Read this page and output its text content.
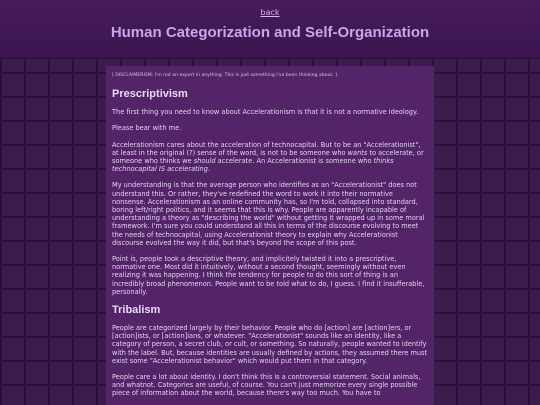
back
Human Categorization and Self-Organization

[ DISCLAIMERISM: I'm not an expert in anything. This is just something I've been thinking about. ]

Prescriptivism

The first thing you need to know about Accelerationism is that it is not a normative ideology.

Please bear with me.

Accelerationism cares about the acceleration of technocapital. But to be an "Accelerationist", at least in the original (?) sense of the word, is not to be someone who wants to accelerate, or someone who thinks we should accelerate. An Accelerationist is someone who thinks technocapital IS accelerating.

My understanding is that the average person who identifies as an "Accelerationist" does not understand this. Or rather, they've redefined the word to work it into their normative nonsense. Accelerationism as an online community has, so I'm told, collapsed into standard, boring left/right politics, and it seems that this is why. People are apparently incapable of understanding a theory as "describing the world" without getting it wrapped up in some moral framework. I'm sure you could understand all this in terms of the discourse evolving to meet the needs of technocapital, using Accelerationist theory to explain why Accelerationist discourse evolved the way it did, but that's beyond the scope of this post.

Point is, people took a descriptive theory, and implicitely twisted it into a prescriptive, normative one. Most did it intuitively, without a second thought, seemingly without even realizing it was happening. I think the tendency for people to do this sort of thing is an incredibly broad phenomenon. People want to be told what to do, I guess. I find it insufferable, personally.

Tribalism

People are categorized largely by their behavior. People who do [action] are [action]ers, or [action]ists, or [action]ians, or whatever. "Accelerationist" sounds like an identity, like a category of person, a secret club, or cult, or something. So naturally, people wanted to identify with the label. But, because identities are usually defined by actions, they assumed there must exist some "Accelerationist behavior" which would put them in that category.

People care a lot about identity. I don't think this is a controversial statement. Social animals, and whatnot. Categories are useful, of course. You can't just memorize every single possible piece of information about the world, because there's way too much. You have to
